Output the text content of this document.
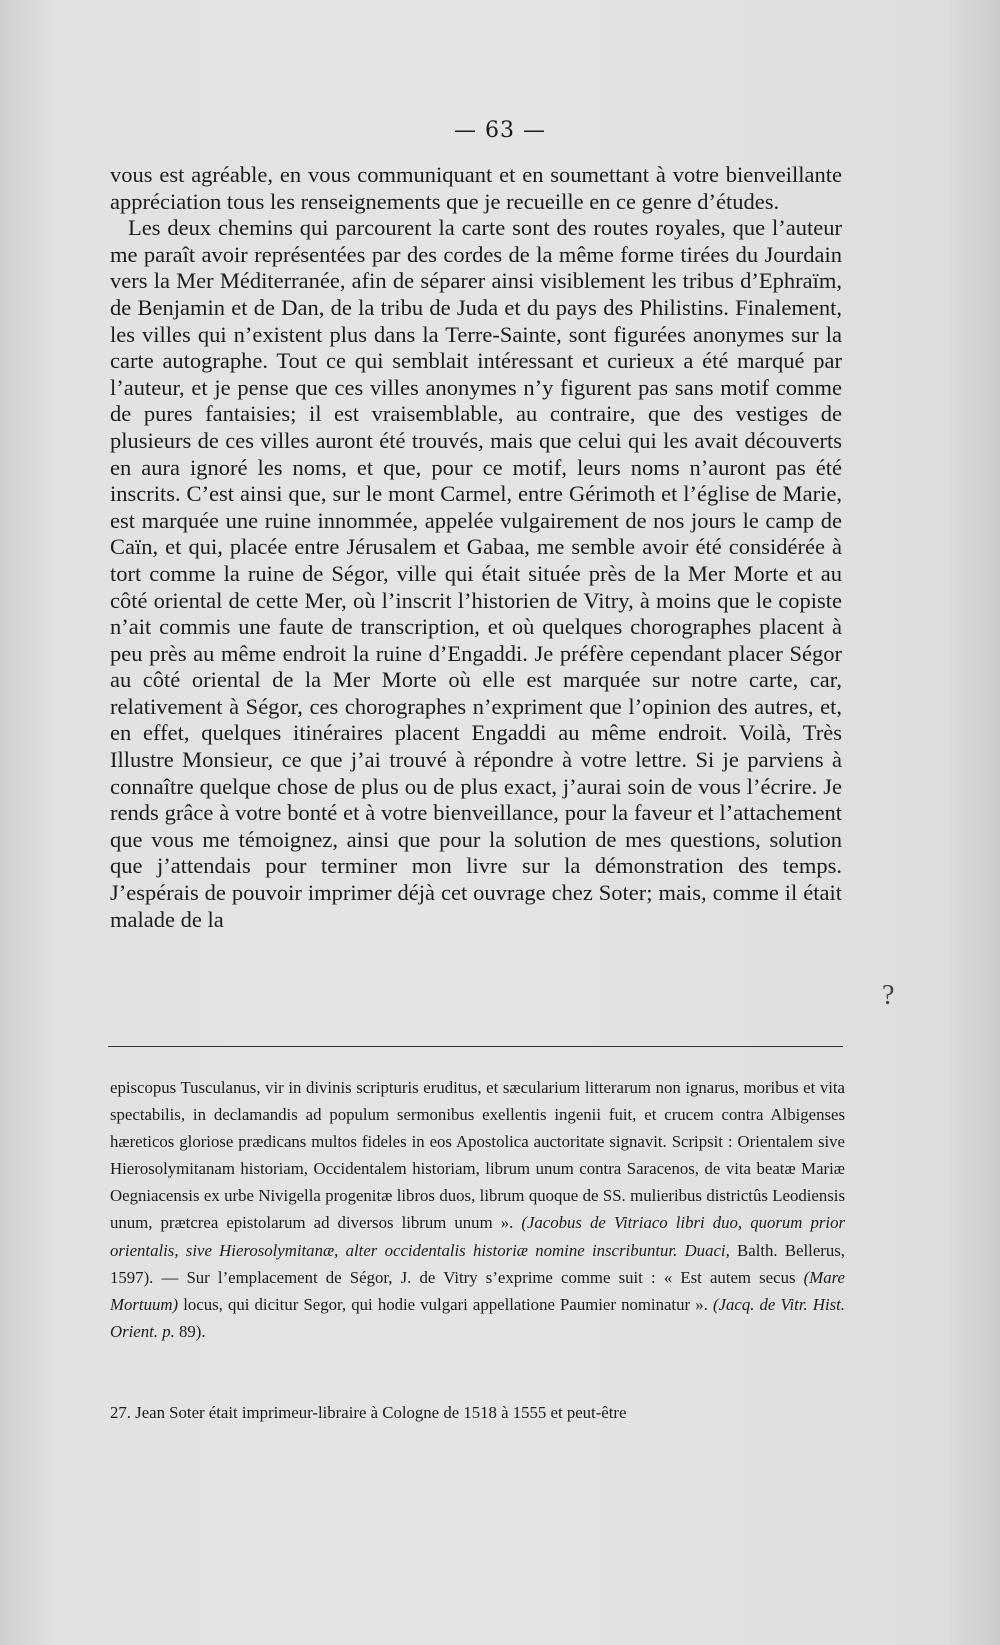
— 63 —

vous est agréable, en vous communiquant et en soumettant à votre bienveillante appréciation tous les renseignements que je recueille en ce genre d’études.

Les deux chemins qui parcourent la carte sont des routes royales, que l’auteur me paraît avoir représentées par des cordes de la même forme tirées du Jourdain vers la Mer Méditerranée, afin de séparer ainsi visiblement les tribus d’Ephraïm, de Benjamin et de Dan, de la tribu de Juda et du pays des Philistins. Finalement, les villes qui n’existent plus dans la Terre-Sainte, sont figurées anonymes sur la carte autographe. Tout ce qui semblait intéressant et curieux a été marqué par l’auteur, et je pense que ces villes anonymes n’y figurent pas sans motif comme de pures fantaisies; il est vraisemblable, au contraire, que des vestiges de plusieurs de ces villes auront été trouvés, mais que celui qui les avait découverts en aura ignoré les noms, et que, pour ce motif, leurs noms n’auront pas été inscrits. C’est ainsi que, sur le mont Carmel, entre Gérimoth et l’église de Marie, est marquée une ruine innommée, appelée vulgairement de nos jours le camp de Caïn, et qui, placée entre Jérusalem et Gabaa, me semble avoir été considérée à tort comme la ruine de Ségor, ville qui était située près de la Mer Morte et au côté oriental de cette Mer, où l’inscrit l’historien de Vitry, à moins que le copiste n’ait commis une faute de transcription, et où quelques chorographes placent à peu près au même endroit la ruine d’Engaddi. Je préfère cependant placer Ségor au côté oriental de la Mer Morte où elle est marquée sur notre carte, car, relativement à Ségor, ces chorographes n’expriment que l’opinion des autres, et, en effet, quelques itinéraires placent Engaddi au même endroit. Voilà, Très Illustre Monsieur, ce que j’ai trouvé à répondre à votre lettre. Si je parviens à connaître quelque chose de plus ou de plus exact, j’aurai soin de vous l’écrire. Je rends grâce à votre bonté et à votre bienveillance, pour la faveur et l’attachement que vous me témoignez, ainsi que pour la solution de mes questions, solution que j’attendais pour terminer mon livre sur la démonstration des temps. J’espérais de pouvoir imprimer déjà cet ouvrage chez Soter; mais, comme il était malade de la

?

episcopus Tusculanus, vir in divinis scripturis eruditus, et sæcularium litterarum non ignarus, moribus et vita spectabilis, in declamandis ad populum sermonibus exellentis ingenii fuit, et crucem contra Albigenses hæreticos gloriose prædicans multos fideles in eos Apostolica auctoritate signavit. Scripsit : Orientalem sive Hierosolymitanam historiam, Occidentalem historiam, librum unum contra Saracenos, de vita beatæ Mariæ Oegniacensis ex urbe Nivigella progenitæ libros duos, librum quoque de SS. mulieribus districtûs Leodiensis unum, prætcrea epistolarum ad diversos librum unum ». (Jacobus de Vitriaco libri duo, quorum prior orientalis, sive Hierosolymitanæ, alter occidentalis historiæ nomine inscribuntur. Duaci, Balth. Bellerus, 1597). — Sur l’emplacement de Ségor, J. de Vitry s’exprime comme suit : « Est autem secus (Mare Mortuum) locus, qui dicitur Segor, qui hodie vulgari appellatione Paumier nominatur ». (Jacq. de Vitr. Hist. Orient. p. 89).

27. Jean Soter était imprimeur-libraire à Cologne de 1518 à 1555 et peut-être
